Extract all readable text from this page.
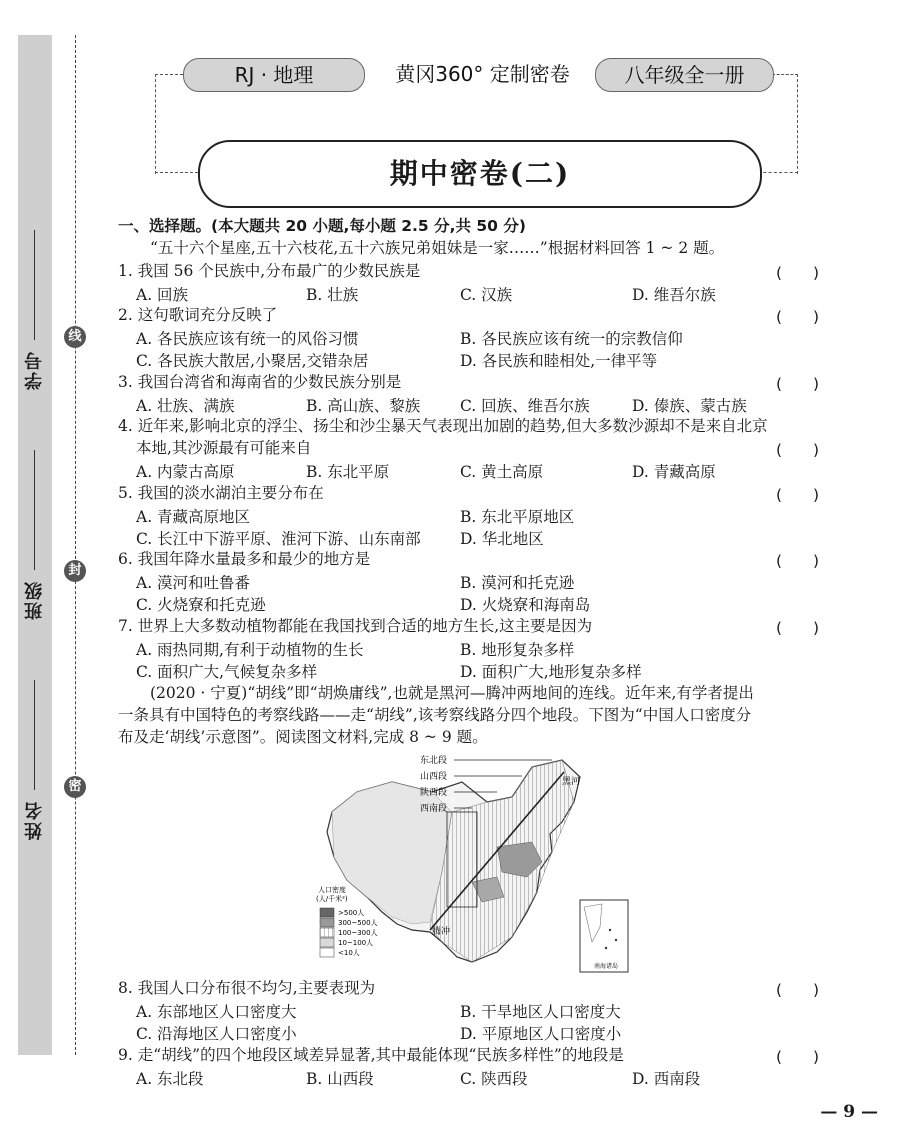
学号
班级
姓名
线
封
密
RJ · 地理	黄冈360° 定制密卷	八年级全一册
期中密卷(二)
一、选择题。(本大题共 20 小题,每小题 2.5 分,共 50 分)
“五十六个星座,五十六枝花,五十六族兄弟姐妹是一家……”根据材料回答 1 ~ 2 题。
1. 我国 56 个民族中,分布最广的少数民族是	(　　)
A. 回族	B. 壮族	C. 汉族	D. 维吾尔族
2. 这句歌词充分反映了	(　　)
A. 各民族应该有统一的风俗习惯	B. 各民族应该有统一的宗教信仰
C. 各民族大散居,小聚居,交错杂居	D. 各民族和睦相处,一律平等
3. 我国台湾省和海南省的少数民族分别是	(　　)
A. 壮族、满族	B. 高山族、黎族	C. 回族、维吾尔族	D. 傣族、蒙古族
4. 近年来,影响北京的浮尘、扬尘和沙尘暴天气表现出加剧的趋势,但大多数沙源却不是来自北京
本地,其沙源最有可能来自	(　　)
A. 内蒙古高原	B. 东北平原	C. 黄土高原	D. 青藏高原
5. 我国的淡水湖泊主要分布在	(　　)
A. 青藏高原地区	B. 东北平原地区
C. 长江中下游平原、淮河下游、山东南部	D. 华北地区
6. 我国年降水量最多和最少的地方是	(　　)
A. 漠河和吐鲁番	B. 漠河和托克逊
C. 火烧寮和托克逊	D. 火烧寮和海南岛
7. 世界上大多数动植物都能在我国找到合适的地方生长,这主要是因为	(　　)
A. 雨热同期,有利于动植物的生长	B. 地形复杂多样
C. 面积广大,气候复杂多样	D. 面积广大,地形复杂多样
(2020 · 宁夏)“胡线”即“胡焕庸线”,也就是黑河—腾冲两地间的连线。近年来,有学者提出
一条具有中国特色的考察线路——走“胡线”,该考察线路分四个地段。下图为“中国人口密度分
布及走‘胡线’示意图”。阅读图文材料,完成 8 ~ 9 题。
东北段
山西段
陕西段
西南段
黑河
腾冲
人口密度
(人/千米²)
>500人
300~500人
100~300人
10~100人
<10人
南海诸岛
8. 我国人口分布很不均匀,主要表现为	(　　)
A. 东部地区人口密度大	B. 干旱地区人口密度大
C. 沿海地区人口密度小	D. 平原地区人口密度小
9. 走“胡线”的四个地段区域差异显著,其中最能体现“民族多样性”的地段是	(　　)
A. 东北段	B. 山西段	C. 陕西段	D. 西南段
— 9 —
